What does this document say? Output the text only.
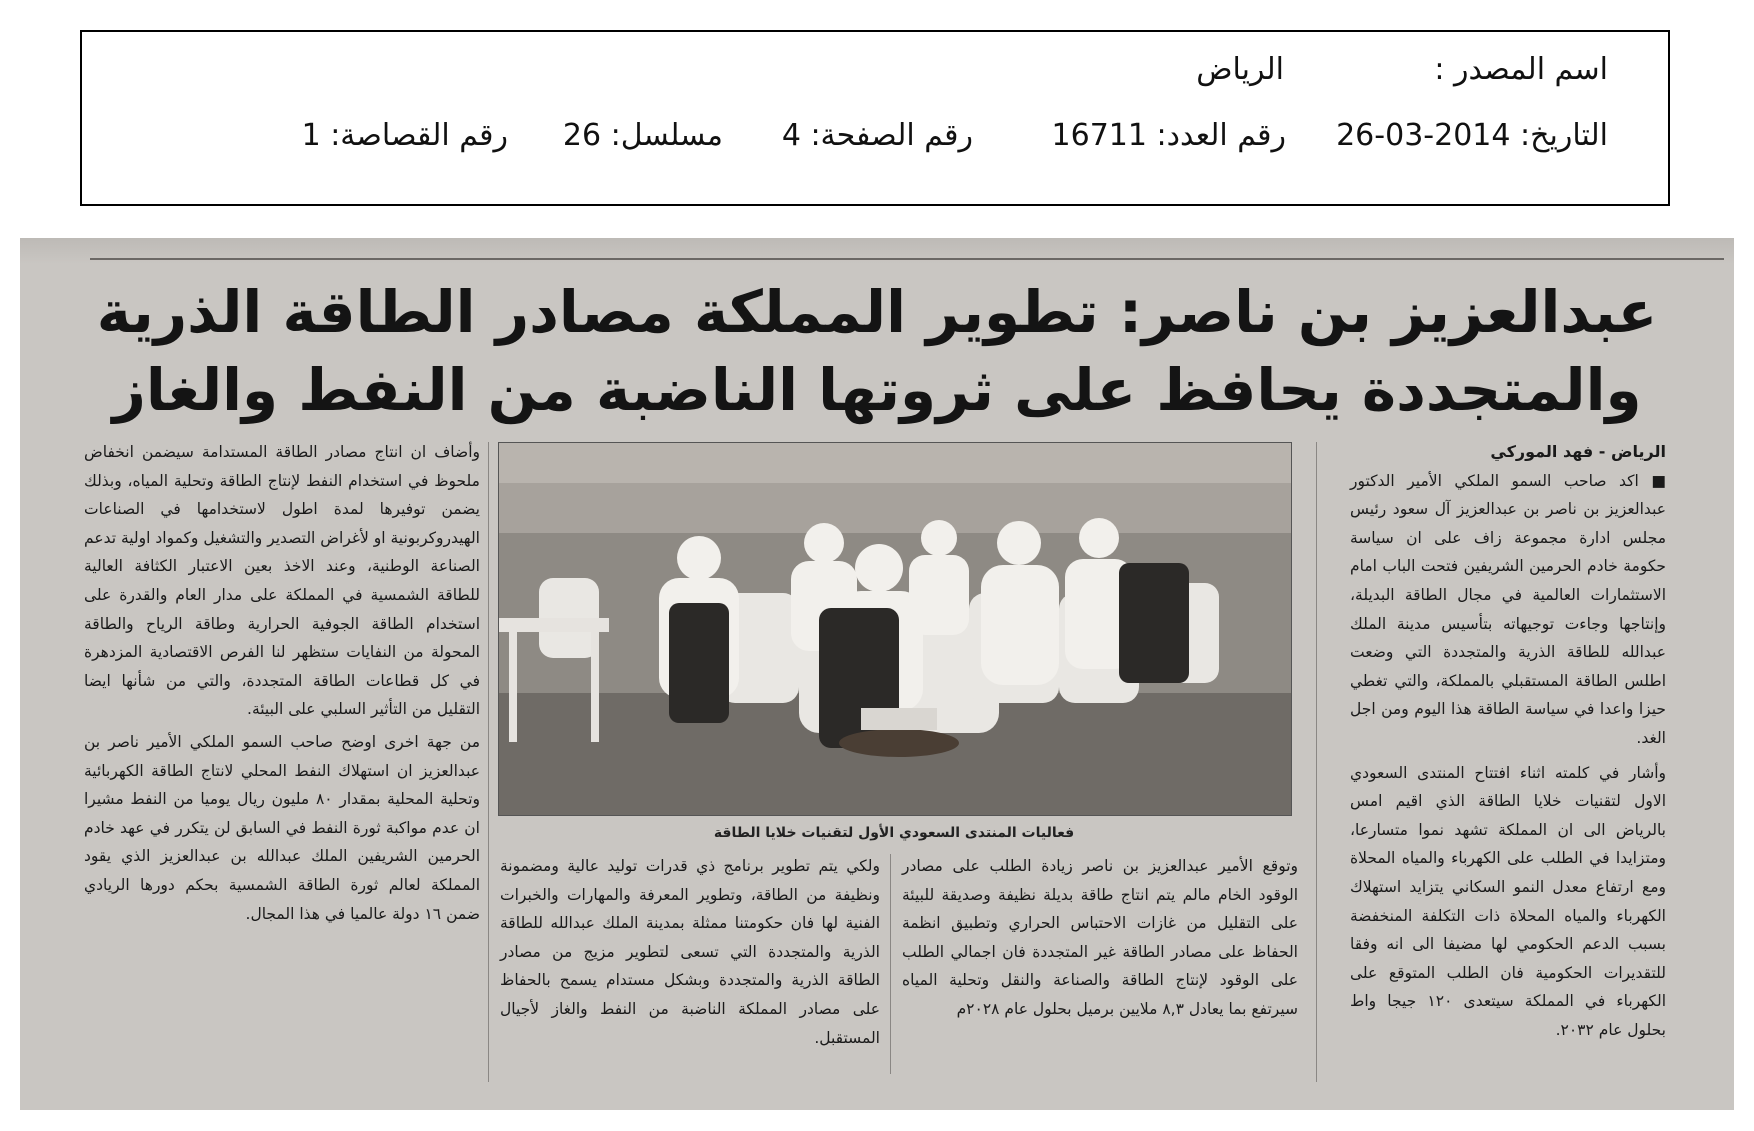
اسم المصدر :
الرياض
التاريخ: 2014-03-26
رقم العدد: 16711
رقم الصفحة: 4
مسلسل: 26
رقم القصاصة: 1
عبدالعزيز بن ناصر: تطوير المملكة مصادر الطاقة الذرية
والمتجددة يحافظ على ثروتها الناضبة من النفط والغاز

الرياض - فهد الموركي

■ اكد صاحب السمو الملكي الأمير الدكتور عبدالعزيز بن ناصر بن عبدالعزيز آل سعود رئيس مجلس ادارة مجموعة زاف على ان سياسة حكومة خادم الحرمين الشريفين فتحت الباب امام الاستثمارات العالمية في مجال الطاقة البديلة، وإنتاجها وجاءت توجيهاته بتأسيس مدينة الملك عبدالله للطاقة الذرية والمتجددة التي وضعت اطلس الطاقة المستقبلي بالمملكة، والتي تغطي حيزا واعدا في سياسة الطاقة هذا اليوم ومن اجل الغد.

وأشار في كلمته اثناء افتتاح المنتدى السعودي الاول لتقنيات خلايا الطاقة الذي اقيم امس بالرياض الى ان المملكة تشهد نموا متسارعا، ومتزايدا في الطلب على الكهرباء والمياه المحلاة ومع ارتفاع معدل النمو السكاني يتزايد استهلاك الكهرباء والمياه المحلاة ذات التكلفة المنخفضة بسبب الدعم الحكومي لها مضيفا الى انه وفقا للتقديرات الحكومية فان الطلب المتوقع على الكهرباء في المملكة سيتعدى ١٢٠ جيجا واط بحلول عام ٢٠٣٢.

فعاليات المنتدى السعودي الأول لتقنيات خلايا الطاقة

وتوقع الأمير عبدالعزيز بن ناصر زيادة الطلب على مصادر الوقود الخام مالم يتم انتاج طاقة بديلة نظيفة وصديقة للبيئة على التقليل من غازات الاحتباس الحراري وتطبيق انظمة الحفاظ على مصادر الطاقة غير المتجددة فان اجمالي الطلب على الوقود لإنتاج الطاقة والصناعة والنقل وتحلية المياه سيرتفع بما يعادل ٨,٣ ملايين برميل بحلول عام ٢٠٢٨م

ولكي يتم تطوير برنامج ذي قدرات توليد عالية ومضمونة ونظيفة من الطاقة، وتطوير المعرفة والمهارات والخبرات الفنية لها فان حكومتنا ممثلة بمدينة الملك عبدالله للطاقة الذرية والمتجددة التي تسعى لتطوير مزيج من مصادر الطاقة الذرية والمتجددة وبشكل مستدام يسمح بالحفاظ على مصادر المملكة الناضبة من النفط والغاز لأجيال المستقبل.

وأضاف ان انتاج مصادر الطاقة المستدامة سيضمن انخفاض ملحوظ في استخدام النفط لإنتاج الطاقة وتحلية المياه، وبذلك يضمن توفيرها لمدة اطول لاستخدامها في الصناعات الهيدروكربونية او لأغراض التصدير والتشغيل وكمواد اولية تدعم الصناعة الوطنية، وعند الاخذ بعين الاعتبار الكثافة العالية للطاقة الشمسية في المملكة على مدار العام والقدرة على استخدام الطاقة الجوفية الحرارية وطاقة الرياح والطاقة المحولة من النفايات ستظهر لنا الفرص الاقتصادية المزدهرة في كل قطاعات الطاقة المتجددة، والتي من شأنها ايضا التقليل من التأثير السلبي على البيئة.

من جهة اخرى اوضح صاحب السمو الملكي الأمير ناصر بن عبدالعزيز ان استهلاك النفط المحلي لانتاج الطاقة الكهربائية وتحلية المحلية بمقدار ٨٠ مليون ريال يوميا من النفط مشيرا ان عدم مواكبة ثورة النفط في السابق لن يتكرر في عهد خادم الحرمين الشريفين الملك عبدالله بن عبدالعزيز الذي يقود المملكة لعالم ثورة الطاقة الشمسية بحكم دورها الريادي ضمن ١٦ دولة عالميا في هذا المجال.
